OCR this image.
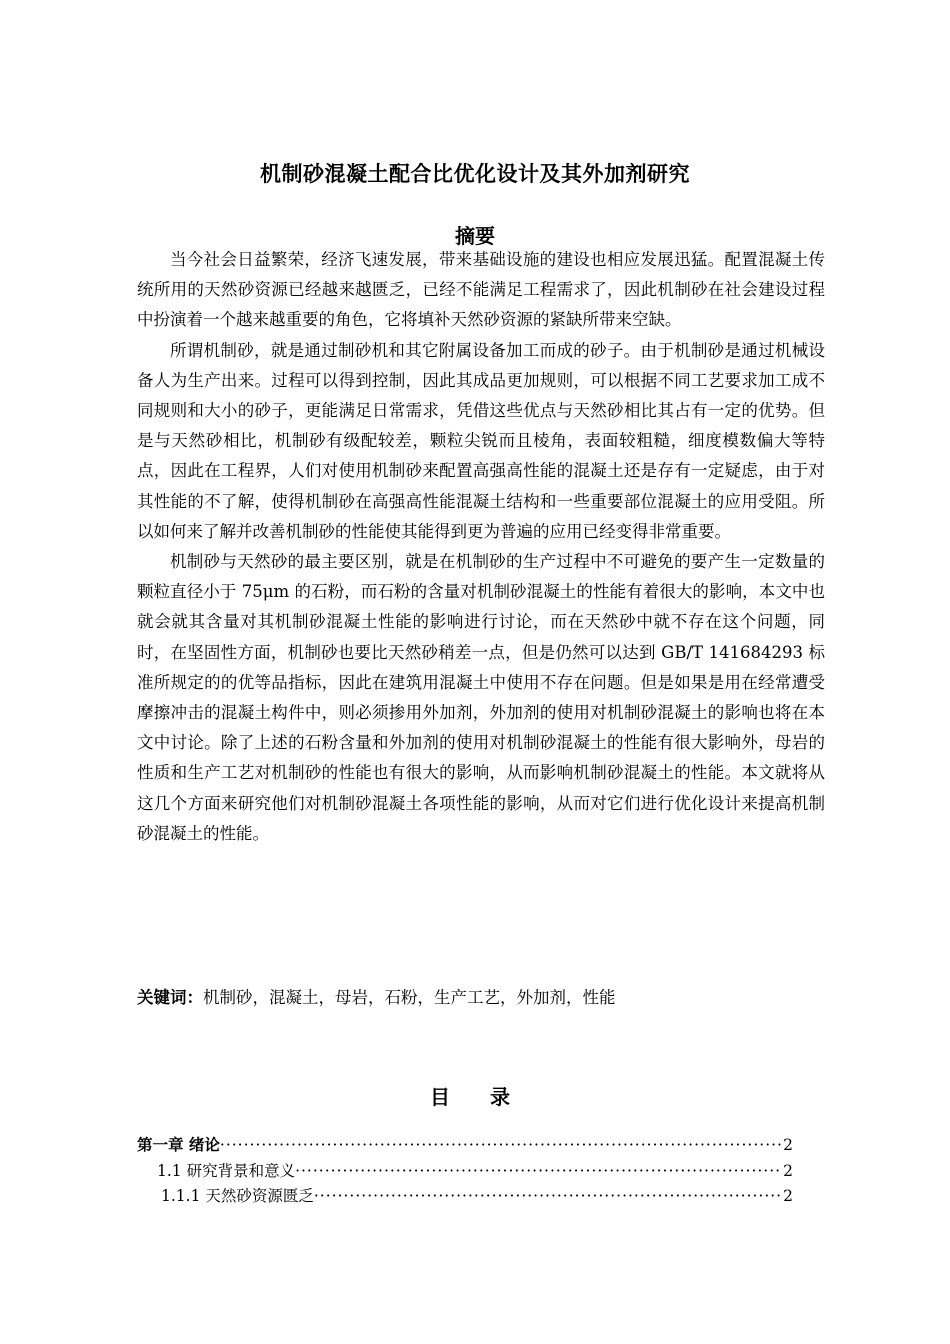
机制砂混凝土配合比优化设计及其外加剂研究
摘要

当今社会日益繁荣，经济飞速发展，带来基础设施的建设也相应发展迅猛。配置混凝土传统所用的天然砂资源已经越来越匮乏，已经不能满足工程需求了，因此机制砂在社会建设过程中扮演着一个越来越重要的角色，它将填补天然砂资源的紧缺所带来空缺。

所谓机制砂，就是通过制砂机和其它附属设备加工而成的砂子。由于机制砂是通过机械设备人为生产出来。过程可以得到控制，因此其成品更加规则，可以根据不同工艺要求加工成不同规则和大小的砂子，更能满足日常需求，凭借这些优点与天然砂相比其占有一定的优势。但是与天然砂相比，机制砂有级配较差，颗粒尖锐而且棱角，表面较粗糙，细度模数偏大等特点，因此在工程界，人们对使用机制砂来配置高强高性能的混凝土还是存有一定疑虑，由于对其性能的不了解，使得机制砂在高强高性能混凝土结构和一些重要部位混凝土的应用受阻。所以如何来了解并改善机制砂的性能使其能得到更为普遍的应用已经变得非常重要。

机制砂与天然砂的最主要区别，就是在机制砂的生产过程中不可避免的要产生一定数量的颗粒直径小于 75μm 的石粉，而石粉的含量对机制砂混凝土的性能有着很大的影响，本文中也就会就其含量对其机制砂混凝土性能的影响进行讨论，而在天然砂中就不存在这个问题，同时，在坚固性方面，机制砂也要比天然砂稍差一点，但是仍然可以达到 GB/T 141684293 标准所规定的的优等品指标，因此在建筑用混凝土中使用不存在问题。但是如果是用在经常遭受摩擦冲击的混凝土构件中，则必须掺用外加剂，外加剂的使用对机制砂混凝土的影响也将在本文中讨论。除了上述的石粉含量和外加剂的使用对机制砂混凝土的性能有很大影响外，母岩的性质和生产工艺对机制砂的性能也有很大的影响，从而影响机制砂混凝土的性能。本文就将从这几个方面来研究他们对机制砂混凝土各项性能的影响，从而对它们进行优化设计来提高机制砂混凝土的性能。

关键词：机制砂，混凝土，母岩，石粉，生产工艺，外加剂，性能
目　录
第一章 绪论 ·····	2
1.1 研究背景和意义 ·····	2
1.1.1 天然砂资源匮乏 ·····	2
